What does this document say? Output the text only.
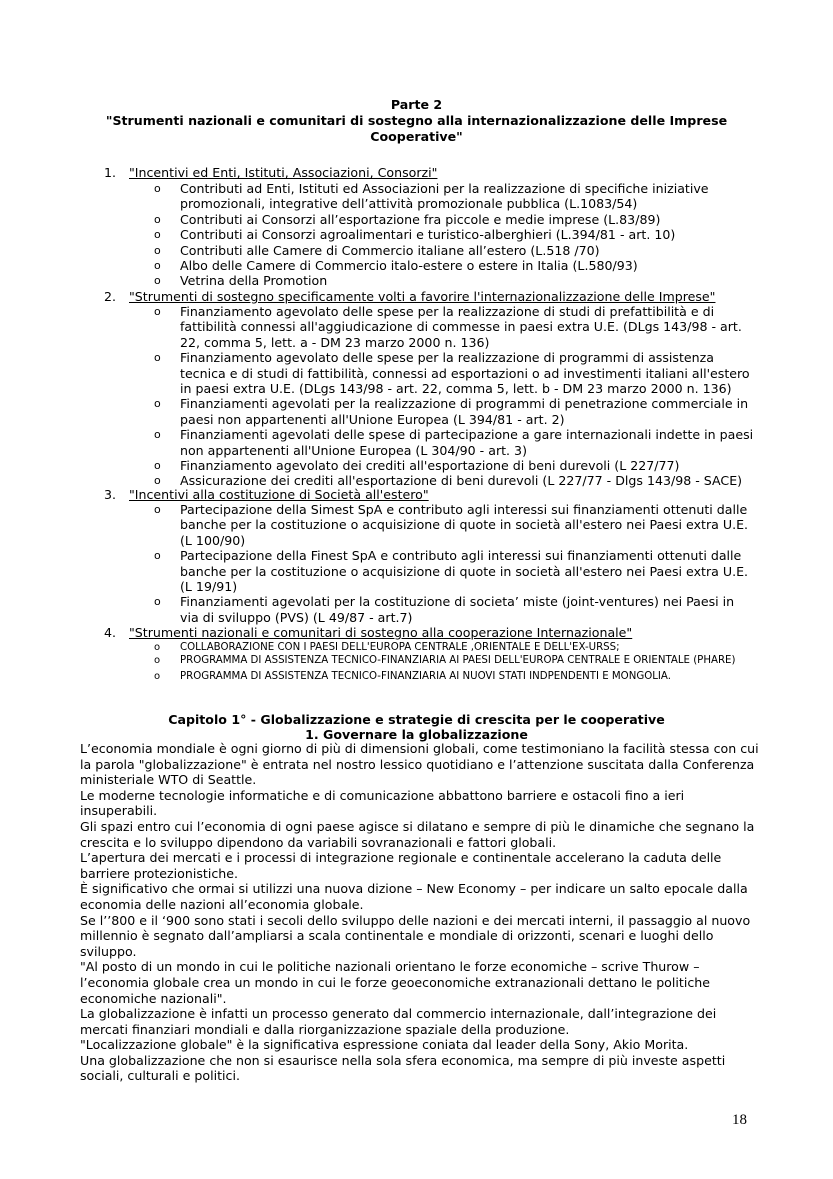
Parte 2
"Strumenti nazionali e comunitari di sostegno alla internazionalizzazione delle Imprese Cooperative"
1. "Incentivi ed Enti, Istituti, Associazioni, Consorzi"
o Contributi ad Enti, Istituti ed Associazioni per la realizzazione di specifiche iniziative promozionali, integrative dell’attività promozionale pubblica (L.1083/54)
o Contributi ai Consorzi all’esportazione fra piccole e medie imprese (L.83/89)
o Contributi ai Consorzi agroalimentari e turistico-alberghieri (L.394/81 - art. 10)
o Contributi alle Camere di Commercio italiane all’estero (L.518 /70)
o Albo delle Camere di Commercio italo-estere o estere in Italia (L.580/93)
o Vetrina della Promotion
2. "Strumenti di sostegno specificamente volti a favorire l'internazionalizzazione delle Imprese"
o Finanziamento agevolato delle spese per la realizzazione di studi di prefattibilità e di fattibilità connessi all'aggiudicazione di commesse in paesi extra U.E. (DLgs 143/98 - art. 22, comma 5, lett. a - DM 23 marzo 2000 n. 136)
o Finanziamento agevolato delle spese per la realizzazione di programmi di assistenza tecnica e di studi di fattibilità, connessi ad esportazioni o ad investimenti italiani all'estero in paesi extra U.E. (DLgs 143/98 - art. 22, comma 5, lett. b - DM 23 marzo 2000 n. 136)
o Finanziamenti agevolati per la realizzazione di programmi di penetrazione commerciale in paesi non appartenenti all'Unione Europea (L 394/81 - art. 2)
o Finanziamenti agevolati delle spese di partecipazione a gare internazionali indette in paesi non appartenenti all'Unione Europea (L 304/90 - art. 3)
o Finanziamento agevolato dei crediti all'esportazione di beni durevoli (L 227/77)
o Assicurazione dei crediti all'esportazione di beni durevoli (L 227/77 - Dlgs 143/98 - SACE)
3. "Incentivi alla costituzione di Società all'estero"
o Partecipazione della Simest SpA e contributo agli interessi sui finanziamenti ottenuti dalle banche per la costituzione o acquisizione di quote in società all'estero nei Paesi extra U.E. (L 100/90)
o Partecipazione della Finest SpA e contributo agli interessi sui finanziamenti ottenuti dalle banche per la costituzione o acquisizione di quote in società all'estero nei Paesi extra U.E. (L 19/91)
o Finanziamenti agevolati per la costituzione di societa’ miste (joint-ventures) nei Paesi in via di sviluppo (PVS) (L 49/87 - art.7)
4. "Strumenti nazionali e comunitari di sostegno alla cooperazione Internazionale"
o COLLABORAZIONE CON I PAESI DELL'EUROPA CENTRALE ,ORIENTALE E DELL'EX-URSS;
o PROGRAMMA DI ASSISTENZA TECNICO-FINANZIARIA AI PAESI DELL'EUROPA CENTRALE E ORIENTALE (PHARE)
o PROGRAMMA DI ASSISTENZA TECNICO-FINANZIARIA AI NUOVI STATI INDPENDENTI E MONGOLIA.
Capitolo 1° - Globalizzazione e strategie di crescita per le cooperative
1. Governare la globalizzazione

L’economia mondiale è ogni giorno di più di dimensioni globali, come testimoniano la facilità stessa con cui la parola "globalizzazione" è entrata nel nostro lessico quotidiano e l’attenzione suscitata dalla Conferenza ministeriale WTO di Seattle.

Le moderne tecnologie informatiche e di comunicazione abbattono barriere e ostacoli fino a ieri insuperabili.

Gli spazi entro cui l’economia di ogni paese agisce si dilatano e sempre di più le dinamiche che segnano la crescita e lo sviluppo dipendono da variabili sovranazionali e fattori globali.

L’apertura dei mercati e i processi di integrazione regionale e continentale accelerano la caduta delle barriere protezionistiche.

È significativo che ormai si utilizzi una nuova dizione – New Economy – per indicare un salto epocale dalla economia delle nazioni all’economia globale.

Se l’’800 e il ‘900 sono stati i secoli dello sviluppo delle nazioni e dei mercati interni, il passaggio al nuovo millennio è segnato dall’ampliarsi a scala continentale e mondiale di orizzonti, scenari e luoghi dello sviluppo.

"Al posto di un mondo in cui le politiche nazionali orientano le forze economiche – scrive Thurow – l’economia globale crea un mondo in cui le forze geoeconomiche extranazionali dettano le politiche economiche nazionali".

La globalizzazione è infatti un processo generato dal commercio internazionale, dall’integrazione dei mercati finanziari mondiali e dalla riorganizzazione spaziale della produzione.

"Localizzazione globale" è la significativa espressione coniata dal leader della Sony, Akio Morita.

Una globalizzazione che non si esaurisce nella sola sfera economica, ma sempre di più investe aspetti sociali, culturali e politici.

18
